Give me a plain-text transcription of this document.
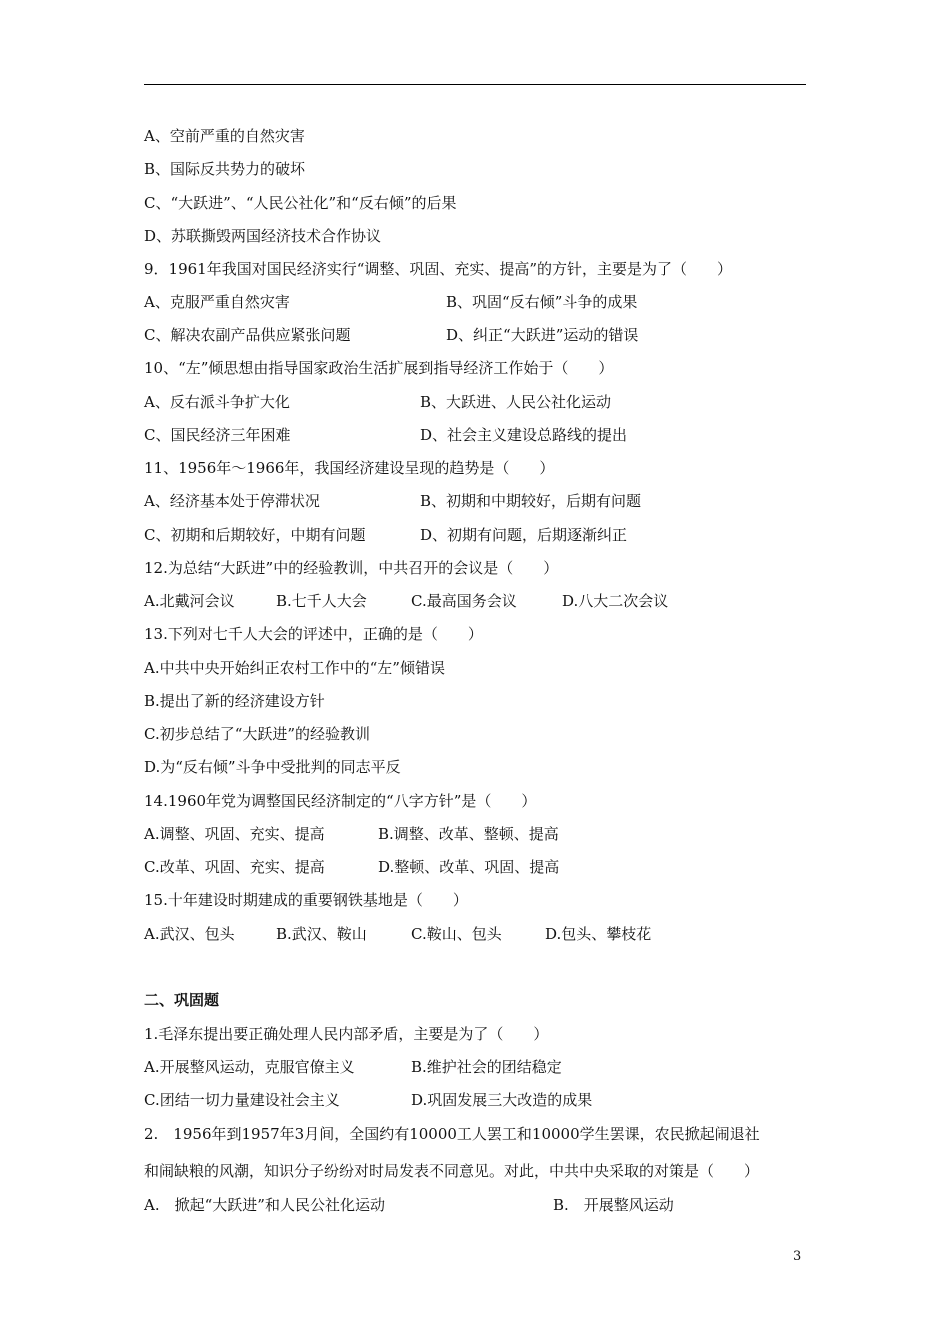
A、空前严重的自然灾害
B、国际反共势力的破坏
C、“大跃进”、“人民公社化”和“反右倾”的后果
D、苏联撕毁两国经济技术合作协议
9．1961年我国对国民经济实行“调整、巩固、充实、提高”的方针，主要是为了（　　）
A、克服严重自然灾害	B、巩固“反右倾”斗争的成果
C、解决农副产品供应紧张问题	D、纠正“大跃进”运动的错误
10、“左”倾思想由指导国家政治生活扩展到指导经济工作始于（　　）
A、反右派斗争扩大化	B、大跃进、人民公社化运动
C、国民经济三年困难	D、社会主义建设总路线的提出
11、1956年～1966年，我国经济建设呈现的趋势是（　　）
A、经济基本处于停滞状况	B、初期和中期较好，后期有问题
C、初期和后期较好，中期有问题	D、初期有问题，后期逐渐纠正
12.为总结“大跃进”中的经验教训，中共召开的会议是（　　）
A.北戴河会议	B.七千人大会	C.最高国务会议	D.八大二次会议
13.下列对七千人大会的评述中，正确的是（　　）
A.中共中央开始纠正农村工作中的“左”倾错误
B.提出了新的经济建设方针
C.初步总结了“大跃进”的经验教训
D.为“反右倾”斗争中受批判的同志平反
14.1960年党为调整国民经济制定的“八字方针”是（　　）
A.调整、巩固、充实、提高	B.调整、改革、整顿、提高
C.改革、巩固、充实、提高	D.整顿、改革、巩固、提高
15.十年建设时期建成的重要钢铁基地是（　　）
A.武汉、包头	B.武汉、鞍山	C.鞍山、包头	D.包头、攀枝花
二、巩固题
1.毛泽东提出要正确处理人民内部矛盾，主要是为了（　　）
A.开展整风运动，克服官僚主义	B.维护社会的团结稳定
C.团结一切力量建设社会主义	D.巩固发展三大改造的成果
2.　1956年到1957年3月间，全国约有10000工人罢工和10000学生罢课，农民掀起闹退社
和闹缺粮的风潮，知识分子纷纷对时局发表不同意见。对此，中共中央采取的对策是（　　）
A.　掀起“大跃进”和人民公社化运动	B.　开展整风运动
3
